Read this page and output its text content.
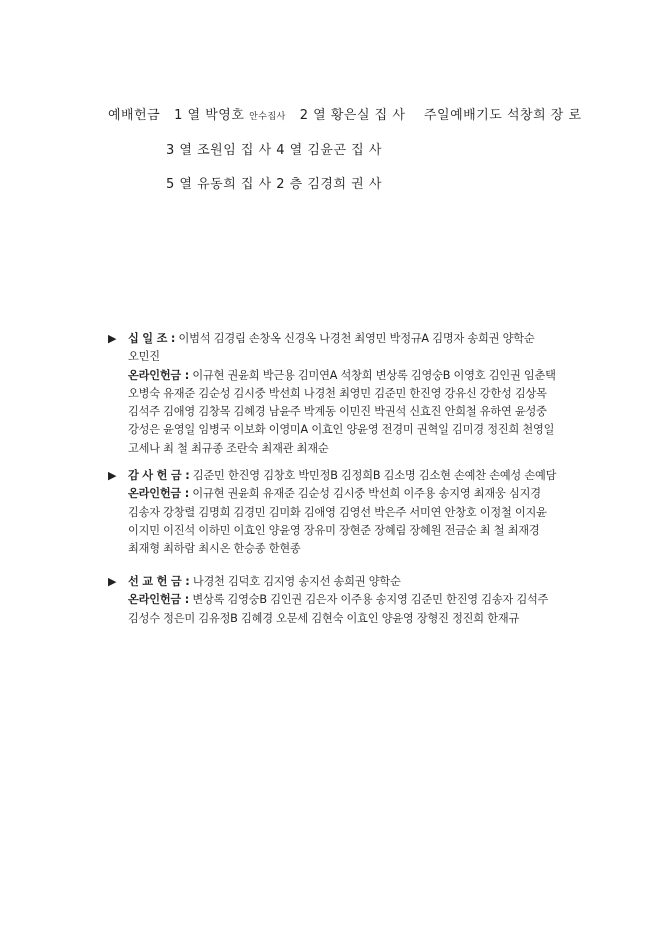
예배헌금 1 열 박영호 안수집사 2 열 황은실 집 사 주일예배기도 석창희 장 로
3 열 조원임 집 사 4 열 김윤곤 집 사
5 열 유동희 집 사 2 층 김경희 권 사

▶ 십 일 조 : 이범석 김경림 손창옥 신경옥 나경천 최영민 박정규A 김명자 송희권 양학순

오민진

온라인헌금 : 이규현 권윤희 박근용 김미연A 석창희 변상록 김영숭B 이영호 김인권 임춘택

오병숙 유재준 김순성 김시중 박선희 나경천 최영민 김준민 한진영 강유신 강한성 김상목

김석주 김애영 김창목 김혜경 남윤주 박계동 이민진 박권석 신효진 안희철 유하연 윤성중

강성은 윤영일 임병국 이보화 이영미A 이효인 양윤영 전경미 권혁일 김미경 정진희 천영일

고세나 최 철 최규종 조란숙 최재관 최재순

▶ 감 사 헌 금 : 김준민 한진영 김창호 박민정B 김정희B 김소명 김소현 손예찬 손예성 손예담

온라인헌금 : 이규현 권윤희 유재준 김순성 김시중 박선희 이주용 송지영 최재웅 심지경

김송자 강창렬 김명희 김경민 김미화 김애영 김영선 박은주 서미연 안창호 이정철 이지윤

이지민 이진석 이하민 이효인 양윤영 장유미 장현준 장혜림 장혜원 전금순 최 철 최재경

최재형 최하람 최시온 한승종 한현종

▶ 선 교 헌 금 : 나경천 김덕호 김지영 송지선 송희권 양학순

온라인헌금 : 변상록 김영숭B 김인권 김은자 이주용 송지영 김준민 한진영 김송자 김석주

김성수 정은미 김유정B 김혜경 오문세 김현숙 이효인 양윤영 장형진 정진희 한재규
